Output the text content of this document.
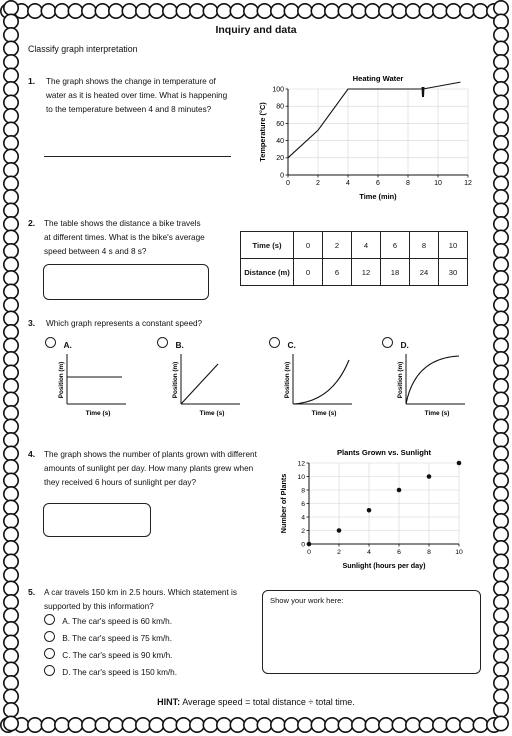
Inquiry and data
Classify graph interpretation
1. The graph shows the change in temperature of
water as it is heated over time. What is happening
to the temperature between 4 and 8 minutes?
0	2	4	6	8	10	12
0
20
40
60
80
100
Heating Water
Time (min)
Temperature (°C)
2. The table shows the distance a bike travels
at different times. What is the bike's average
speed between 4 s and 8 s?
Time (s)	0	2	4	6	8	10
Distance (m)	0	6	12	18	24	30
3. Which graph represents a constant speed?
A.	B.	C.	D.
Position (m)
Time (s)
Position (m)
Time (s)
Position (m)
Time (s)
Position (m)
Time (s)
4. The graph shows the number of plants grown with different
amounts of sunlight per day. How many plants grew when
they received 6 hours of sunlight per day?
0	2	4	6	8	10
0
2
4
6
8
10
12
Plants Grown vs. Sunlight
Sunlight (hours per day)
Number of Plants
5. A car travels 150 km in 2.5 hours. Which statement is
supported by this information?
A. The car's speed is 60 km/h.
B. The car's speed is 75 km/h.
C. The car's speed is 90 km/h.
D. The car's speed is 150 km/h.
Show your work here:
HINT: Average speed = total distance ÷ total time.
